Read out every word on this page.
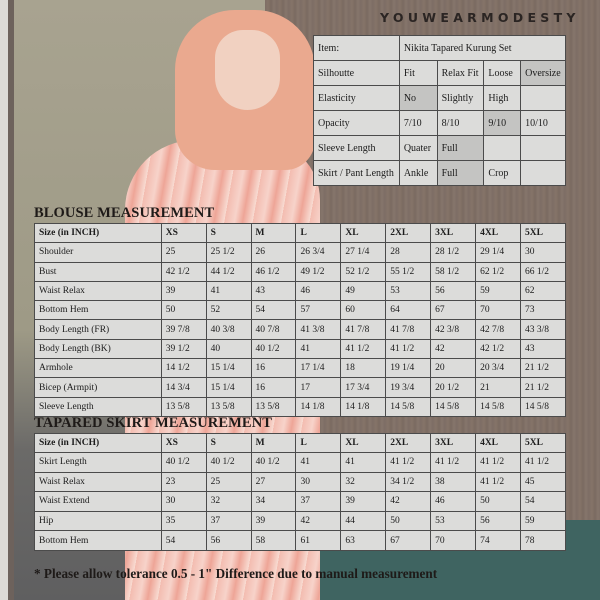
YOUWEARMODESTY
Item:	Nikita Tapared Kurung Set			
Silhoutte	Fit	Relax Fit	Loose	Oversize
Elasticity	No	Slightly	High	
Opacity	7/10	8/10	9/10	10/10
Sleeve Length	Quater	Full		
Skirt / Pant Length	Ankle	Full	Crop	
BLOUSE MEASUREMENT
Size (in INCH)	XS	S	M	L	XL	2XL	3XL	4XL	5XL
Shoulder	25	25 1/2	26	26 3/4	27 1/4	28	28 1/2	29 1/4	30
Bust	42 1/2	44 1/2	46 1/2	49 1/2	52 1/2	55 1/2	58 1/2	62 1/2	66 1/2
Waist Relax	39	41	43	46	49	53	56	59	62
Bottom Hem	50	52	54	57	60	64	67	70	73
Body Length (FR)	39 7/8	40 3/8	40 7/8	41 3/8	41 7/8	41 7/8	42 3/8	42 7/8	43 3/8
Body Length (BK)	39 1/2	40	40 1/2	41	41 1/2	41 1/2	42	42 1/2	43
Armhole	14 1/2	15 1/4	16	17 1/4	18	19 1/4	20	20 3/4	21 1/2
Bicep (Armpit)	14 3/4	15 1/4	16	17	17 3/4	19 3/4	20 1/2	21	21 1/2
Sleeve Length	13 5/8	13 5/8	13 5/8	14 1/8	14 1/8	14 5/8	14 5/8	14 5/8	14 5/8
TAPARED SKIRT MEASUREMENT
Size (in INCH)	XS	S	M	L	XL	2XL	3XL	4XL	5XL
Skirt Length	40 1/2	40 1/2	40 1/2	41	41	41 1/2	41 1/2	41 1/2	41 1/2
Waist Relax	23	25	27	30	32	34 1/2	38	41 1/2	45
Waist Extend	30	32	34	37	39	42	46	50	54
Hip	35	37	39	42	44	50	53	56	59
Bottom Hem	54	56	58	61	63	67	70	74	78
* Please allow tolerance 0.5 - 1" Difference due to manual measurement
